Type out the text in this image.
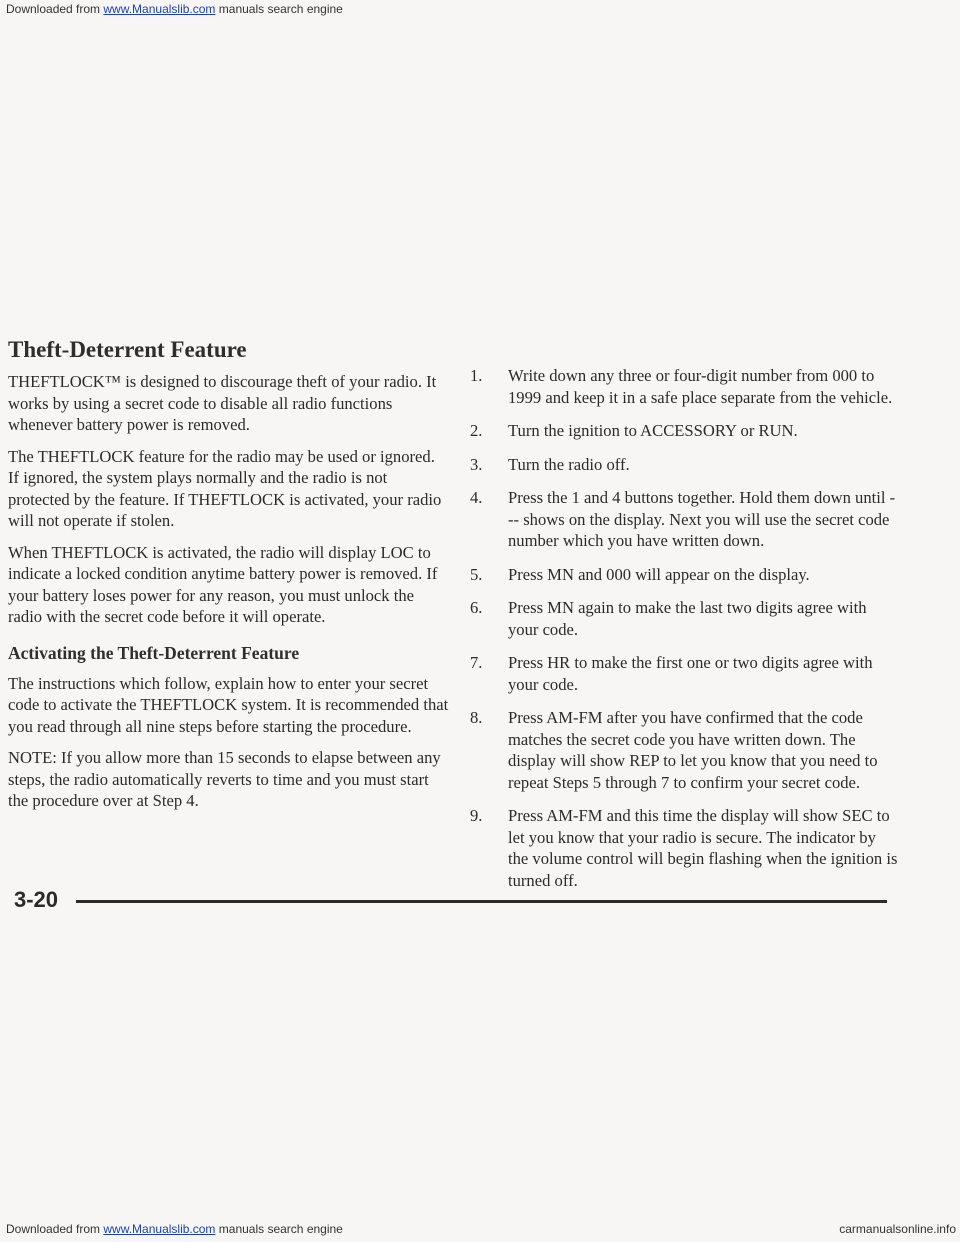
Downloaded from www.Manualslib.com manuals search engine
Theft-Deterrent Feature

THEFTLOCK™ is designed to discourage theft of your radio. It works by using a secret code to disable all radio functions whenever battery power is removed.

The THEFTLOCK feature for the radio may be used or ignored. If ignored, the system plays normally and the radio is not protected by the feature. If THEFTLOCK is activated, your radio will not operate if stolen.

When THEFTLOCK is activated, the radio will display LOC to indicate a locked condition anytime battery power is removed. If your battery loses power for any reason, you must unlock the radio with the secret code before it will operate.

Activating the Theft-Deterrent Feature

The instructions which follow, explain how to enter your secret code to activate the THEFTLOCK system. It is recommended that you read through all nine steps before starting the procedure.

NOTE: If you allow more than 15 seconds to elapse between any steps, the radio automatically reverts to time and you must start the procedure over at Step 4.

1.	Write down any three or four-digit number from 000 to 1999 and keep it in a safe place separate from the vehicle.
2.	Turn the ignition to ACCESSORY or RUN.
3.	Turn the radio off.
4.	Press the 1 and 4 buttons together. Hold them down until --- shows on the display. Next you will use the secret code number which you have written down.
5.	Press MN and 000 will appear on the display.
6.	Press MN again to make the last two digits agree with your code.
7.	Press HR to make the first one or two digits agree with your code.
8.	Press AM-FM after you have confirmed that the code matches the secret code you have written down. The display will show REP to let you know that you need to repeat Steps 5 through 7 to confirm your secret code.
9.	Press AM-FM and this time the display will show SEC to let you know that your radio is secure. The indicator by the volume control will begin flashing when the ignition is turned off.
3-20
Downloaded from www.Manualslib.com manuals search engine	carmanualsonline.info
